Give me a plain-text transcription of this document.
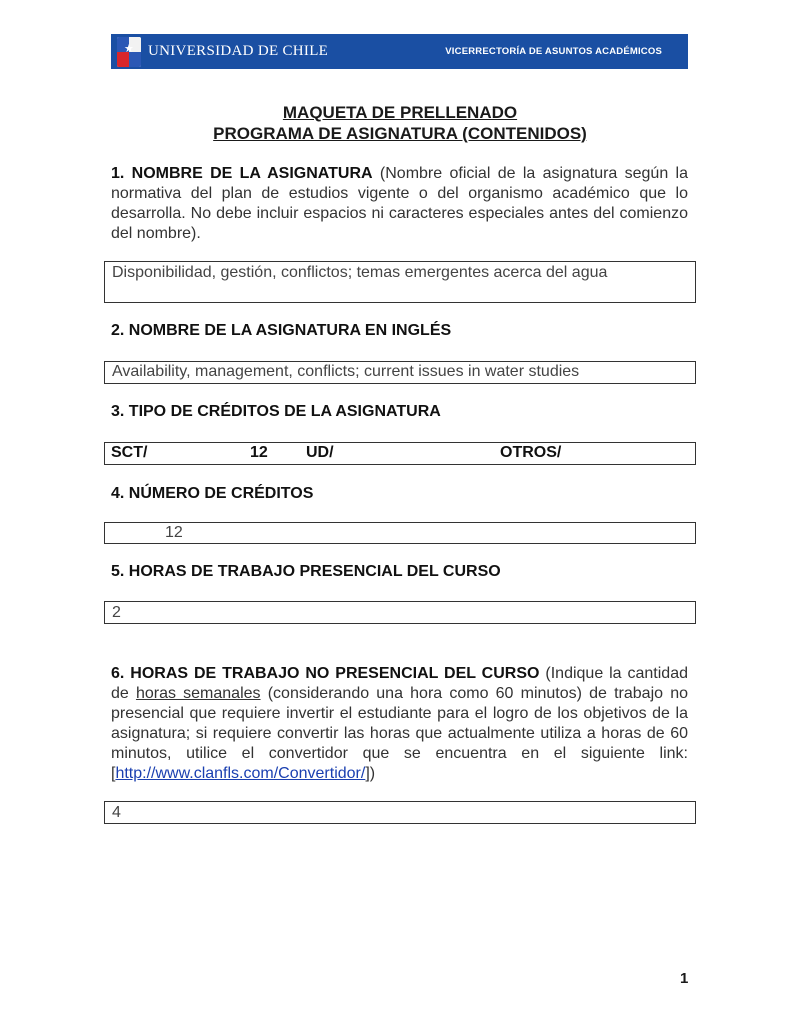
★ UNIVERSIDAD DE CHILE	VICERRECTORÍA DE ASUNTOS ACADÉMICOS
MAQUETA DE PRELLENADO
PROGRAMA DE ASIGNATURA (CONTENIDOS)
1. NOMBRE DE LA ASIGNATURA (Nombre oficial de la asignatura según la normativa del plan de estudios vigente o del organismo académico que lo desarrolla. No debe incluir espacios ni caracteres especiales antes del comienzo del nombre).
Disponibilidad, gestión, conflictos; temas emergentes acerca del agua
2. NOMBRE DE LA ASIGNATURA EN INGLÉS
Availability, management, conflicts; current issues in water studies
3. TIPO DE CRÉDITOS DE LA ASIGNATURA
SCT/	12 UD/	OTROS/
4. NÚMERO DE CRÉDITOS
12
5. HORAS DE TRABAJO PRESENCIAL DEL CURSO
2
6. HORAS DE TRABAJO NO PRESENCIAL DEL CURSO (Indique la cantidad de horas semanales (considerando una hora como 60 minutos) de trabajo no presencial que requiere invertir el estudiante para el logro de los objetivos de la asignatura; si requiere convertir las horas que actualmente utiliza a horas de 60 minutos, utilice el convertidor que se encuentra en el siguiente link: [http://www.clanfls.com/Convertidor/])
4
1
